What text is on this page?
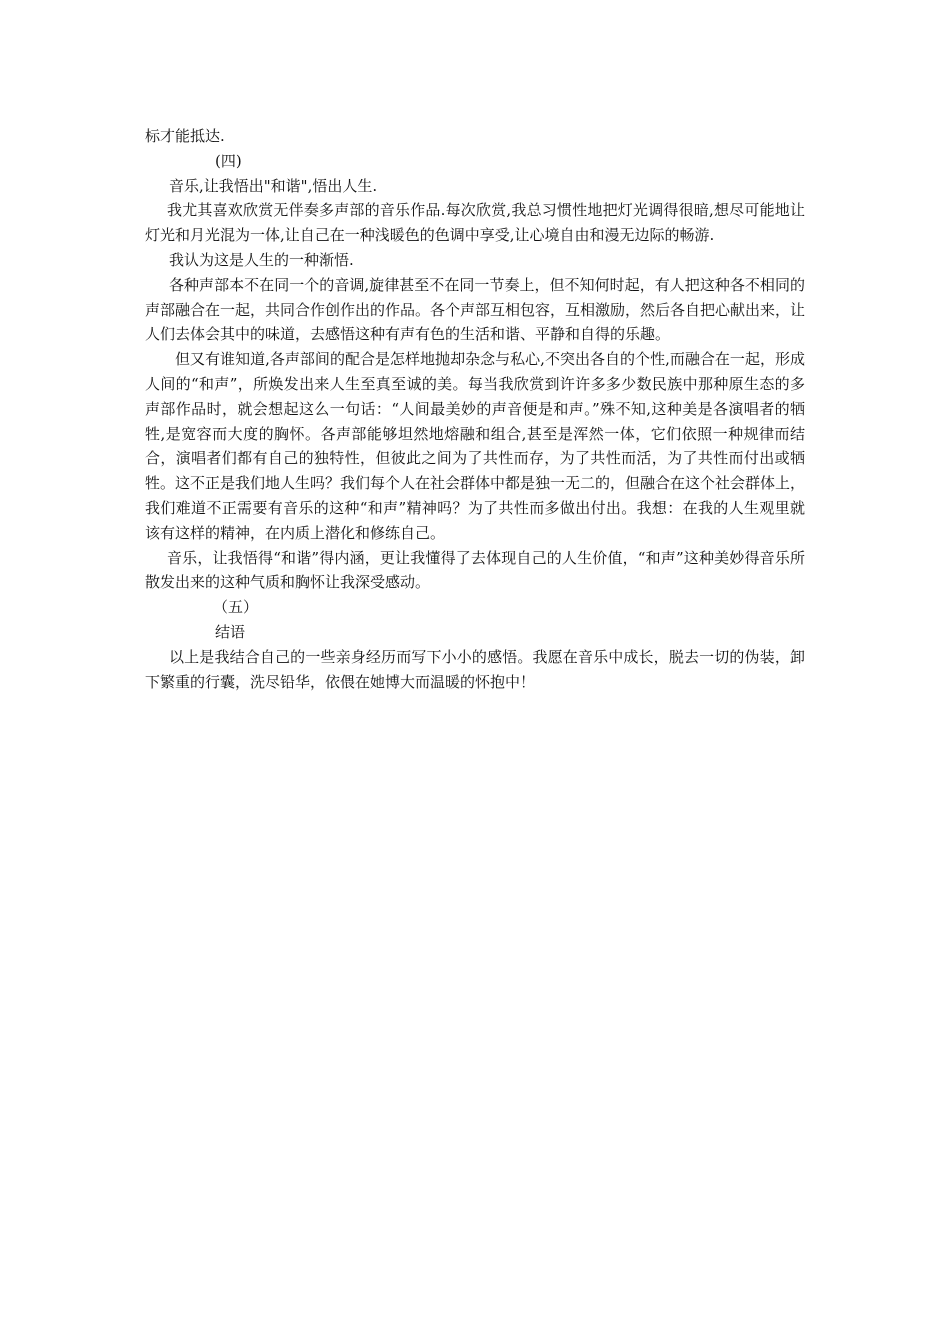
标才能抵达.

(四)

音乐,让我悟出"和谐",悟出人生.

我尤其喜欢欣赏无伴奏多声部的音乐作品.每次欣赏,我总习惯性地把灯光调得很暗,想尽可能地让灯光和月光混为一体,让自己在一种浅暖色的色调中享受,让心境自由和漫无边际的畅游.

我认为这是人生的一种渐悟.

各种声部本不在同一个的音调,旋律甚至不在同一节奏上，但不知何时起，有人把这种各不相同的声部融合在一起，共同合作创作出的作品。各个声部互相包容，互相激励，然后各自把心献出来，让人们去体会其中的味道，去感悟这种有声有色的生活和谐、平静和自得的乐趣。

但又有谁知道,各声部间的配合是怎样地抛却杂念与私心,不突出各自的个性,而融合在一起，形成人间的“和声”，所焕发出来人生至真至诚的美。每当我欣赏到许许多多少数民族中那种原生态的多声部作品时，就会想起这么一句话：“人间最美妙的声音便是和声。”殊不知,这种美是各演唱者的牺牲,是宽容而大度的胸怀。各声部能够坦然地熔融和组合,甚至是浑然一体，它们依照一种规律而结合，演唱者们都有自己的独特性，但彼此之间为了共性而存，为了共性而活，为了共性而付出或牺牲。这不正是我们地人生吗？我们每个人在社会群体中都是独一无二的，但融合在这个社会群体上，我们难道不正需要有音乐的这种“和声”精神吗？为了共性而多做出付出。我想：在我的人生观里就该有这样的精神，在内质上潜化和修练自己。

音乐，让我悟得“和谐”得内涵，更让我懂得了去体现自己的人生价值，“和声”这种美妙得音乐所散发出来的这种气质和胸怀让我深受感动。

（五）

结语

以上是我结合自己的一些亲身经历而写下小小的感悟。我愿在音乐中成长，脱去一切的伪装，卸下繁重的行囊，洗尽铅华，依偎在她博大而温暖的怀抱中！
